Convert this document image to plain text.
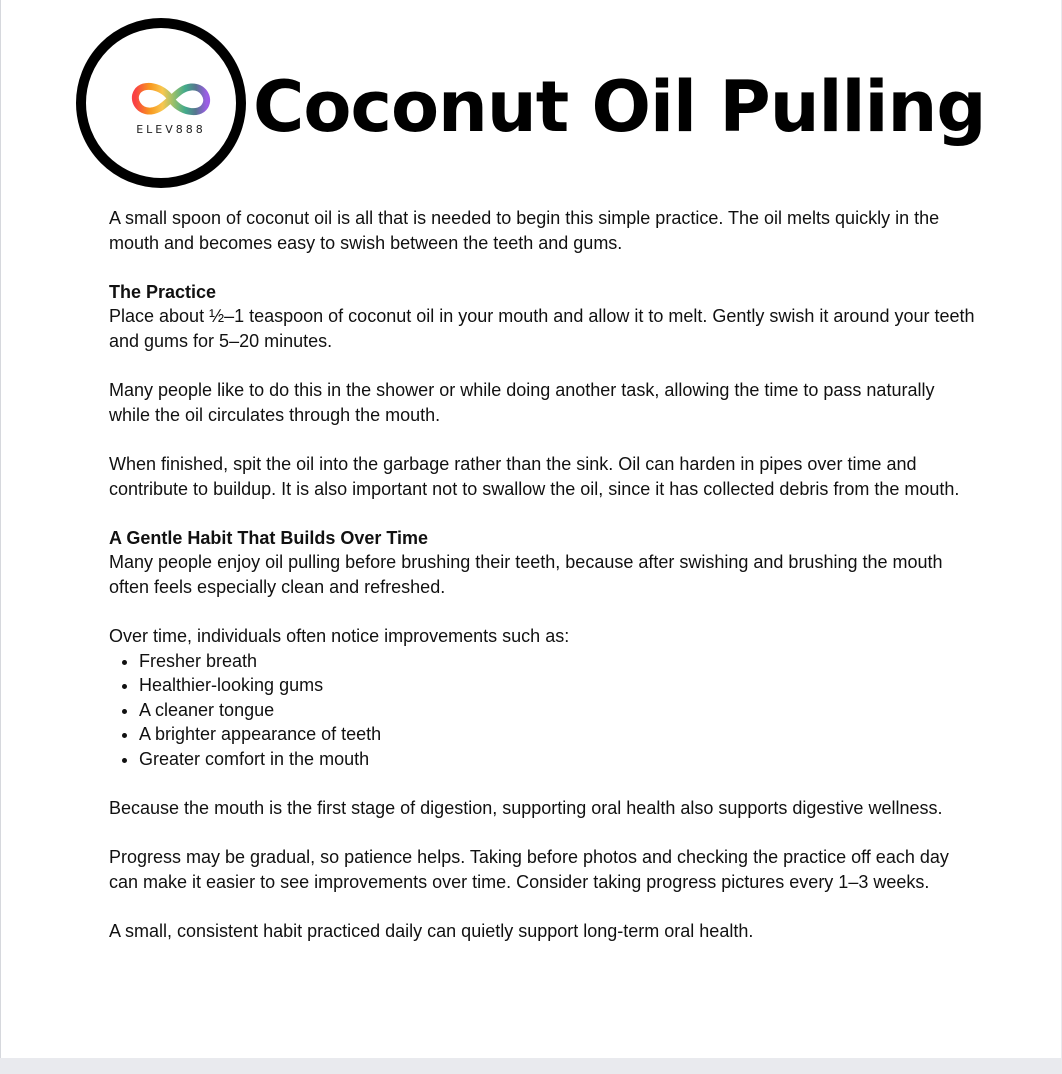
ELEV888 Coconut Oil Pulling

A small spoon of coconut oil is all that is needed to begin this simple practice. The oil melts quickly in the mouth and becomes easy to swish between the teeth and gums.

The Practice

Place about ½–1 teaspoon of coconut oil in your mouth and allow it to melt. Gently swish it around your teeth and gums for 5–20 minutes.

Many people like to do this in the shower or while doing another task, allowing the time to pass naturally while the oil circulates through the mouth.

When finished, spit the oil into the garbage rather than the sink. Oil can harden in pipes over time and contribute to buildup. It is also important not to swallow the oil, since it has collected debris from the mouth.

A Gentle Habit That Builds Over Time

Many people enjoy oil pulling before brushing their teeth, because after swishing and brushing the mouth often feels especially clean and refreshed.

Over time, individuals often notice improvements such as:
• Fresher breath
• Healthier-looking gums
• A cleaner tongue
• A brighter appearance of teeth
• Greater comfort in the mouth

Because the mouth is the first stage of digestion, supporting oral health also supports digestive wellness.

Progress may be gradual, so patience helps. Taking before photos and checking the practice off each day can make it easier to see improvements over time. Consider taking progress pictures every 1–3 weeks.

A small, consistent habit practiced daily can quietly support long-term oral health.
